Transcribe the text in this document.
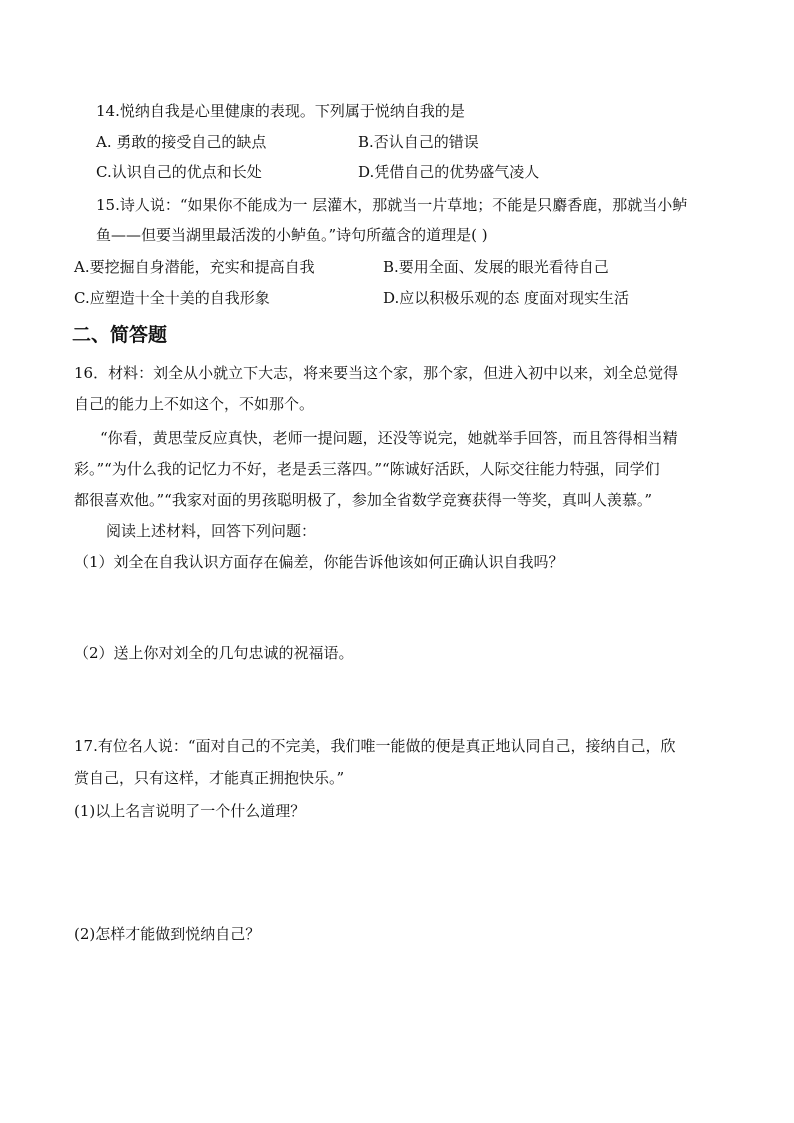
14.悦纳自我是心里健康的表现。下列属于悦纳自我的是
A. 勇敢的接受自己的缺点	B.否认自己的错误
C.认识自己的优点和长处	D.凭借自己的优势盛气凌人
15.诗人说：“如果你不能成为一 层灌木，那就当一片草地；不能是只麝香鹿，那就当小鲈
鱼——但要当湖里最活泼的小鲈鱼。”诗句所蕴含的道理是( )
A.要挖掘自身潜能，充实和提高自我	B.要用全面、发展的眼光看待自己
C.应塑造十全十美的自我形象	D.应以积极乐观的态 度面对现实生活
二、简答题
16．材料：刘全从小就立下大志，将来要当这个家，那个家，但进入初中以来，刘全总觉得
自己的能力上不如这个，不如那个。
“你看，黄思莹反应真快，老师一提问题，还没等说完，她就举手回答，而且答得相当精
彩。”“为什么我的记忆力不好，老是丢三落四。”“陈诚好活跃，人际交往能力特强，同学们
都很喜欢他。”“我家对面的男孩聪明极了，参加全省数学竞赛获得一等奖，真叫人羡慕。”
阅读上述材料，回答下列问题：
（1）刘全在自我认识方面存在偏差，你能告诉他该如何正确认识自我吗？
（2）送上你对刘全的几句忠诚的祝福语。
17.有位名人说：“面对自己的不完美，我们唯一能做的便是真正地认同自己，接纳自己，欣
赏自己，只有这样，才能真正拥抱快乐。”
(1)以上名言说明了一个什么道理？
(2)怎样才能做到悦纳自己？
